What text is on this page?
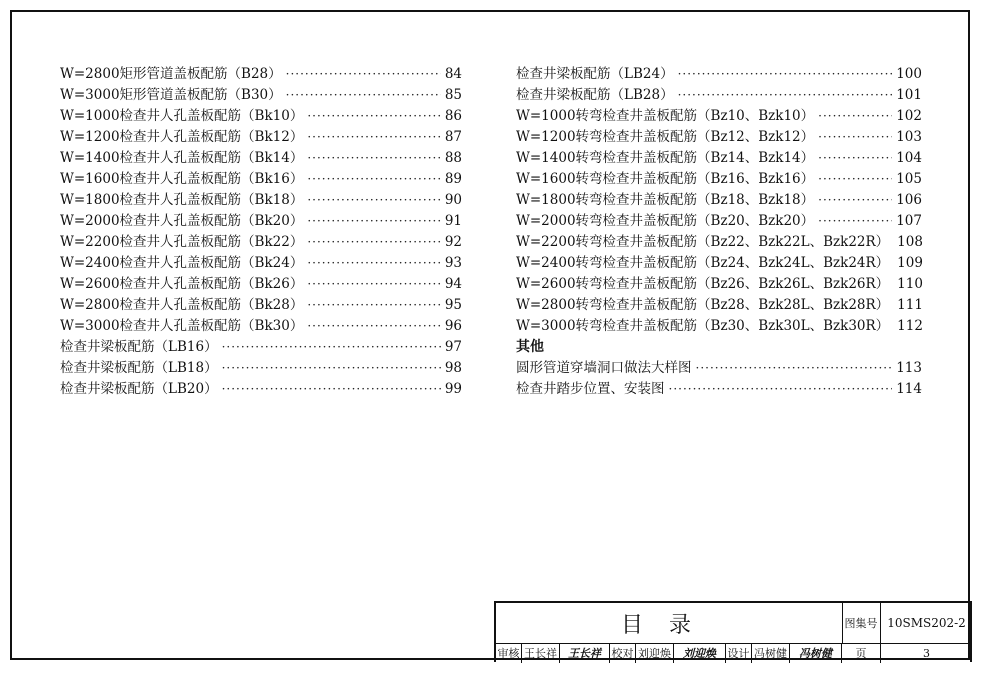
W=2800矩形管道盖板配筋（B28） ·····	84
W=3000矩形管道盖板配筋（B30） ·····	85
W=1000检查井人孔盖板配筋（Bk10） ·····	86
W=1200检查井人孔盖板配筋（Bk12） ·····	87
W=1400检查井人孔盖板配筋（Bk14） ·····	88
W=1600检查井人孔盖板配筋（Bk16） ·····	89
W=1800检查井人孔盖板配筋（Bk18） ·····	90
W=2000检查井人孔盖板配筋（Bk20） ·····	91
W=2200检查井人孔盖板配筋（Bk22） ·····	92
W=2400检查井人孔盖板配筋（Bk24） ·····	93
W=2600检查井人孔盖板配筋（Bk26） ·····	94
W=2800检查井人孔盖板配筋（Bk28） ·····	95
W=3000检查井人孔盖板配筋（Bk30） ·····	96
检查井梁板配筋（LB16） ·····	97
检查井梁板配筋（LB18） ·····	98
检查井梁板配筋（LB20） ·····	99
检查井梁板配筋（LB24） ·····	100
检查井梁板配筋（LB28） ·····	101
W=1000转弯检查井盖板配筋（Bz10、Bzk10） ·····	102
W=1200转弯检查井盖板配筋（Bz12、Bzk12） ·····	103
W=1400转弯检查井盖板配筋（Bz14、Bzk14） ·····	104
W=1600转弯检查井盖板配筋（Bz16、Bzk16） ·····	105
W=1800转弯检查井盖板配筋（Bz18、Bzk18） ·····	106
W=2000转弯检查井盖板配筋（Bz20、Bzk20） ·····	107
W=2200转弯检查井盖板配筋（Bz22、Bzk22L、Bzk22R） 108
W=2400转弯检查井盖板配筋（Bz24、Bzk24L、Bzk24R） 109
W=2600转弯检查井盖板配筋（Bz26、Bzk26L、Bzk26R） 110
W=2800转弯检查井盖板配筋（Bz28、Bzk28L、Bzk28R） 111
W=3000转弯检查井盖板配筋（Bz30、Bzk30L、Bzk30R） 112
其他
圆形管道穿墙洞口做法大样图 ·····	113
检查井踏步位置、安装图 ·····	114
目录	图集号 10SMS202-2
审核 王长祥	王长祥 校对 刘迎焕	刘迎焕	设计 冯树健	冯树健	页	3
